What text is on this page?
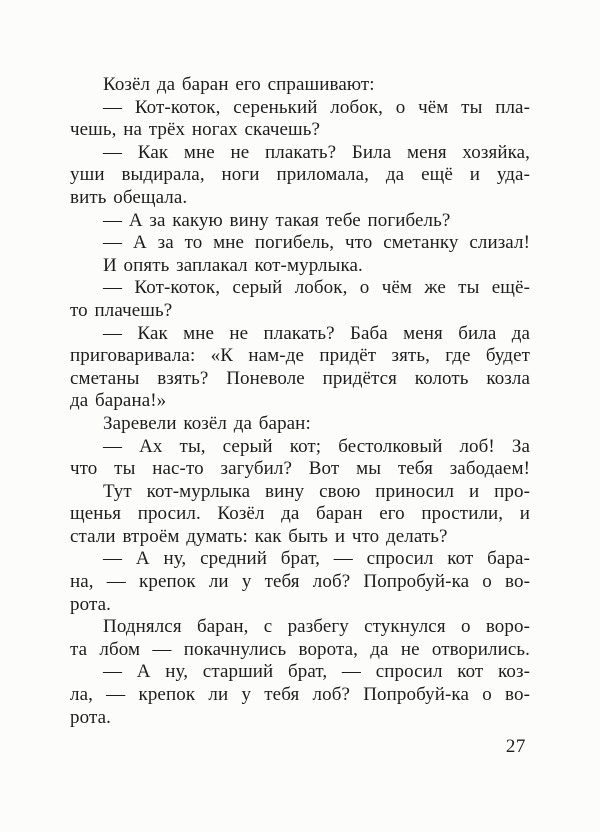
Козёл да баран его спрашивают:
— Кот-коток, серенький лобок, о чём ты пла-
чешь, на трёх ногах скачешь?
— Как мне не плакать? Била меня хозяйка,
уши выдирала, ноги приломала, да ещё и уда-
вить обещала.
— А за какую вину такая тебе погибель?
— А за то мне погибель, что сметанку слизал!
И опять заплакал кот-мурлыка.
— Кот-коток, серый лобок, о чём же ты ещё-
то плачешь?
— Как мне не плакать? Баба меня била да
приговаривала: «К нам-де придёт зять, где будет
сметаны взять? Поневоле придётся колоть козла
да барана!»
Заревели козёл да баран:
— Ах ты, серый кот; бестолковый лоб! За
что ты нас-то загубил? Вот мы тебя забодаем!
Тут кот-мурлыка вину свою приносил и про-
щенья просил. Козёл да баран его простили, и
стали втроём думать: как быть и что делать?
— А ну, средний брат, — спросил кот бара-
на, — крепок ли у тебя лоб? Попробуй-ка о во-
рота.
Поднялся баран, с разбегу стукнулся о воро-
та лбом — покачнулись ворота, да не отворились.
— А ну, старший брат, — спросил кот коз-
ла, — крепок ли у тебя лоб? Попробуй-ка о во-
рота.
27
